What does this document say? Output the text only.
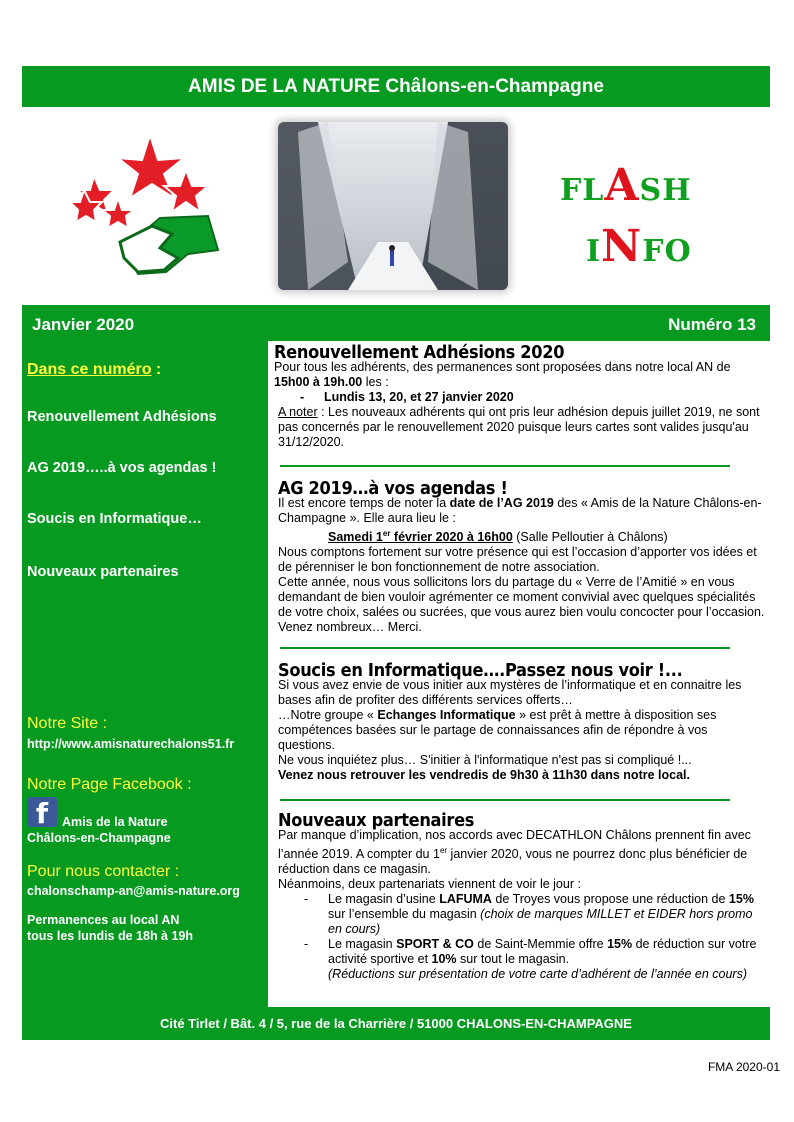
AMIS DE LA NATURE Châlons-en-Champagne
FLASH
INFO
Janvier 2020	Numéro 13
Dans ce numéro :
Renouvellement Adhésions
AG 2019…..à vos agendas !
Soucis en Informatique…
Nouveaux partenaires
Notre Site :
http://www.amisnaturechalons51.fr
Notre Page Facebook :
f	Amis de la Nature
Châlons-en-Champagne
Pour nous contacter :
chalonschamp-an@amis-nature.org
Permanences au local AN
tous les lundis de 18h à 19h
Renouvellement Adhésions 2020

Pour tous les adhérents, des permanences sont proposées dans notre local AN de
15h00 à 19h.00 les :

- Lundis 13, 20, et 27 janvier 2020

A noter : Les nouveaux adhérents qui ont pris leur adhésion depuis juillet 2019, ne sont pas concernés par le renouvellement 2020 puisque leurs cartes sont valides jusqu'au 31/12/2020.

AG 2019…à vos agendas !

Il est encore temps de noter la date de l’AG 2019 des « Amis de la Nature Châlons-en-Champagne ». Elle aura lieu le :

Samedi 1er février 2020 à 16h00 (Salle Pelloutier à Châlons)

Nous comptons fortement sur votre présence qui est l’occasion d’apporter vos idées et de pérenniser le bon fonctionnement de notre association.

Cette année, nous vous sollicitons lors du partage du « Verre de l’Amitié » en vous demandant de bien vouloir agrémenter ce moment convivial avec quelques spécialités de votre choix, salées ou sucrées, que vous aurez bien voulu concocter pour l’occasion. Venez nombreux… Merci.

Soucis en Informatique….Passez nous voir !...

Si vous avez envie de vous initier aux mystères de l’informatique et en connaitre les bases afin de profiter des différents services offerts…

…Notre groupe « Echanges Informatique » est prêt à mettre à disposition ses compétences basées sur le partage de connaissances afin de répondre à vos questions.

Ne vous inquiétez plus… S'initier à l'informatique n'est pas si compliqué !...

Venez nous retrouver les vendredis de 9h30 à 11h30 dans notre local.

Nouveaux partenaires

Par manque d’implication, nos accords avec DECATHLON Châlons prennent fin avec l’année 2019. A compter du 1er janvier 2020, vous ne pourrez donc plus bénéficier de réduction dans ce magasin.

Néanmoins, deux partenariats viennent de voir le jour :

- Le magasin d’usine LAFUMA de Troyes vous propose une réduction de 15% sur l’ensemble du magasin (choix de marques MILLET et EIDER hors promo en cours)
- Le magasin SPORT & CO de Saint-Memmie offre 15% de réduction sur votre activité sportive et 10% sur tout le magasin.
(Réductions sur présentation de votre carte d’adhérent de l’année en cours)
Cité Tirlet / Bât. 4 / 5, rue de la Charrière / 51000 CHALONS-EN-CHAMPAGNE
FMA 2020-01
